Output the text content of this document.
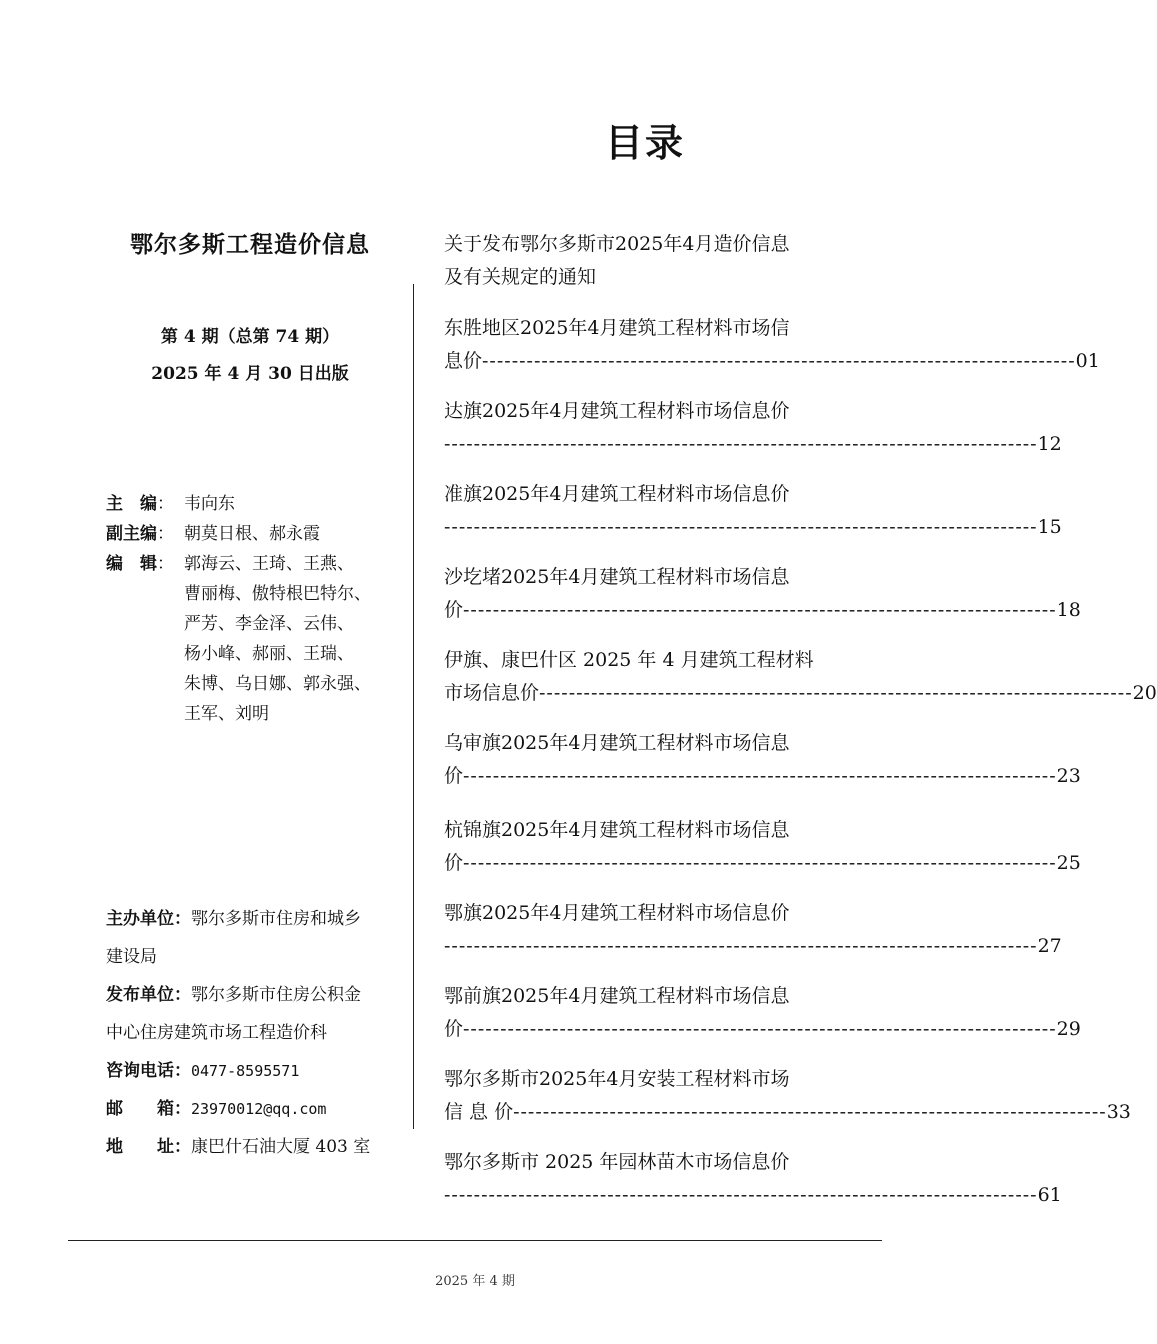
目录
鄂尔多斯工程造价信息
第 4 期（总第 74 期）
2025 年 4 月 30 日出版
主　编： 韦向东
副主编： 朝莫日根、郝永霞
编　辑： 郭海云、王琦、王燕、
曹丽梅、傲特根巴特尔、
严芳、李金泽、云伟、
杨小峰、郝丽、王瑞、
朱博、乌日娜、郭永强、
王军、刘明
主办单位：鄂尔多斯市住房和城乡
建设局
发布单位：鄂尔多斯市住房公积金
中心住房建筑市场工程造价科
咨询电话：0477-8595571
邮　　箱：23970012@qq.com
地　　址：康巴什石油大厦 403 室
关于发布鄂尔多斯市2025年4月造价信息
及有关规定的通知
东胜地区2025年4月建筑工程材料市场信
息价 -------------------------------------------------------------------------------- 01
达旗2025年4月建筑工程材料市场信息价
-------------------------------------------------------------------------------- 12
准旗2025年4月建筑工程材料市场信息价
-------------------------------------------------------------------------------- 15
沙圪堵2025年4月建筑工程材料市场信息
价 -------------------------------------------------------------------------------- 18
伊旗、康巴什区 2025 年 4 月建筑工程材料
市场信息价 -------------------------------------------------------------------------------- 20
乌审旗2025年4月建筑工程材料市场信息
价 -------------------------------------------------------------------------------- 23
杭锦旗2025年4月建筑工程材料市场信息
价 -------------------------------------------------------------------------------- 25
鄂旗2025年4月建筑工程材料市场信息价
-------------------------------------------------------------------------------- 27
鄂前旗2025年4月建筑工程材料市场信息
价 -------------------------------------------------------------------------------- 29
鄂尔多斯市2025年4月安装工程材料市场
信 息 价 -------------------------------------------------------------------------------- 33
鄂尔多斯市 2025 年园林苗木市场信息价
-------------------------------------------------------------------------------- 61
2025 年 4 期
